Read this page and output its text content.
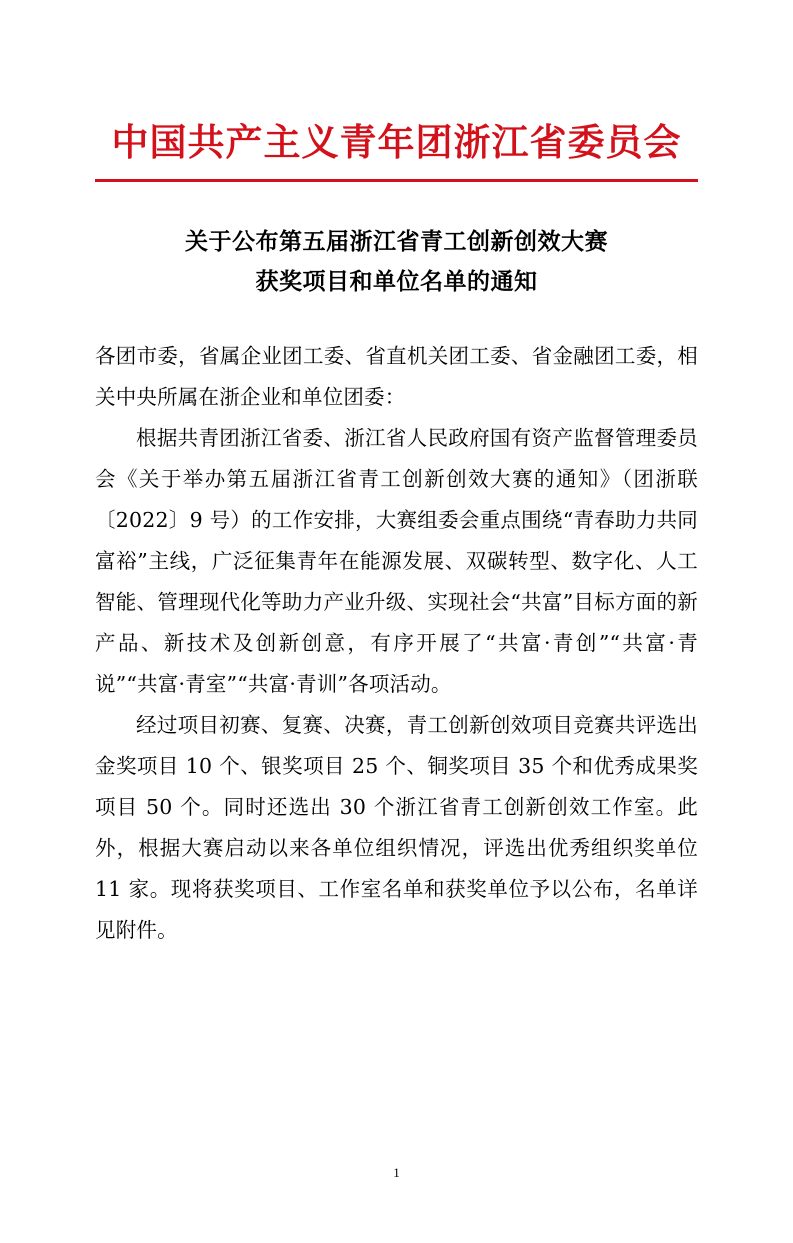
中国共产主义青年团浙江省委员会
关于公布第五届浙江省青工创新创效大赛
获奖项目和单位名单的通知

各团市委，省属企业团工委、省直机关团工委、省金融团工委，相关中央所属在浙企业和单位团委：

根据共青团浙江省委、浙江省人民政府国有资产监督管理委员会《关于举办第五届浙江省青工创新创效大赛的通知》（团浙联〔2022〕9 号）的工作安排，大赛组委会重点围绕“青春助力共同富裕”主线，广泛征集青年在能源发展、双碳转型、数字化、人工智能、管理现代化等助力产业升级、实现社会“共富”目标方面的新产品、新技术及创新创意，有序开展了“共富·青创”“共富·青说”“共富·青室”“共富·青训”各项活动。

经过项目初赛、复赛、决赛，青工创新创效项目竞赛共评选出金奖项目 10 个、银奖项目 25 个、铜奖项目 35 个和优秀成果奖项目 50 个。同时还选出 30 个浙江省青工创新创效工作室。此外，根据大赛启动以来各单位组织情况，评选出优秀组织奖单位 11 家。现将获奖项目、工作室名单和获奖单位予以公布，名单详见附件。

1
